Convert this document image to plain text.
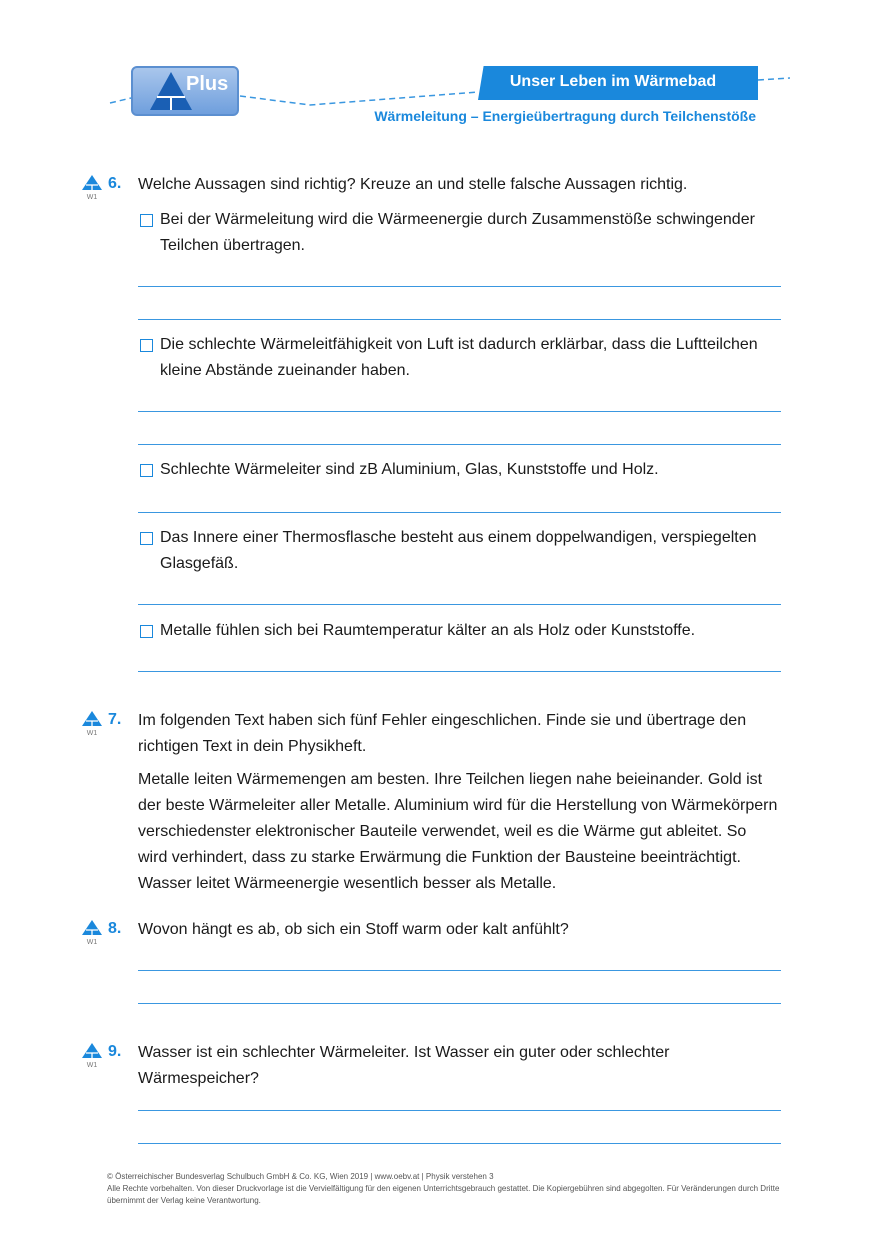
Plus	Unser Leben im Wärmebad
Wärmeleitung – Energieübertragung durch Teilchenstöße
W1
6. Welche Aussagen sind richtig? Kreuze an und stelle falsche Aussagen richtig.
Bei der Wärmeleitung wird die Wärmeenergie durch Zusammenstöße schwingender Teilchen übertragen.
Die schlechte Wärmeleitfähigkeit von Luft ist dadurch erklärbar, dass die Luftteilchen kleine Abstände zueinander haben.
Schlechte Wärmeleiter sind zB Aluminium, Glas, Kunststoffe und Holz.
Das Innere einer Thermosflasche besteht aus einem doppelwandigen, verspiegelten Glasgefäß.
Metalle fühlen sich bei Raumtemperatur kälter an als Holz oder Kunststoffe.
W1
7. Im folgenden Text haben sich fünf Fehler eingeschlichen. Finde sie und übertrage den richtigen Text in dein Physikheft.
Metalle leiten Wärmemengen am besten. Ihre Teilchen liegen nahe beieinander. Gold ist der beste Wärmeleiter aller Metalle. Aluminium wird für die Herstellung von Wärmekörpern verschiedenster elektronischer Bauteile verwendet, weil es die Wärme gut ableitet. So wird verhindert, dass zu starke Erwärmung die Funktion der Bausteine beeinträchtigt. Wasser leitet Wärmeenergie wesentlich besser als Metalle.
W1
8. Wovon hängt es ab, ob sich ein Stoff warm oder kalt anfühlt?
W1
9. Wasser ist ein schlechter Wärmeleiter. Ist Wasser ein guter oder schlechter Wärmespeicher?
© Österreichischer Bundesverlag Schulbuch GmbH & Co. KG, Wien 2019 | www.oebv.at | Physik verstehen 3
Alle Rechte vorbehalten. Von dieser Druckvorlage ist die Vervielfältigung für den eigenen Unterrichtsgebrauch gestattet. Die Kopiergebühren sind abgegolten. Für Veränderungen durch Dritte übernimmt der Verlag keine Verantwortung.
